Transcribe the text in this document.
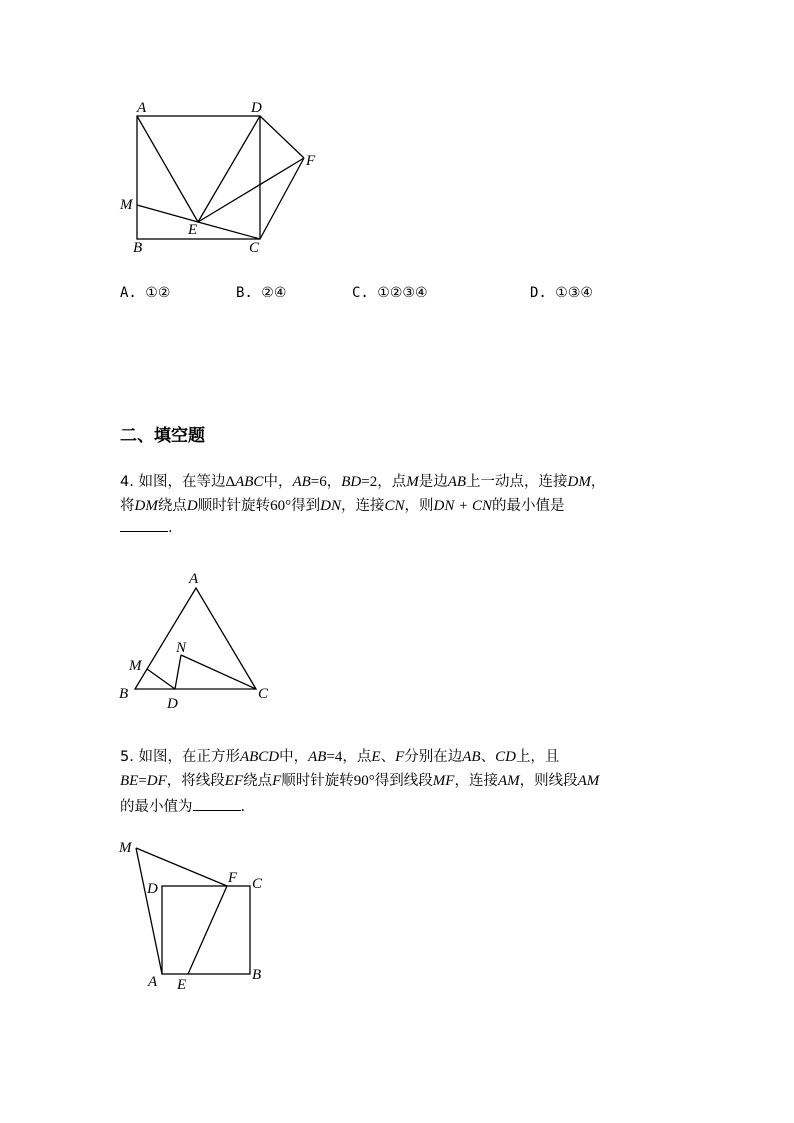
A	D
F
M
E
B	C
A. ①②	B. ②④	C. ①②③④	D. ①③④
二、填空题
4. 如图，在等边ΔABC中，AB=6，BD=2，点M是边AB上一动点，连接DM，
将DM绕点D顺时针旋转60°得到DN，连接CN，则DN + CN的最小值是
.
A
N
M
B
D
C
5. 如图，在正方形ABCD中，AB=4，点E、F分别在边AB、CD上，且
BE=DF，将线段EF绕点F顺时针旋转90°得到线段MF，连接AM，则线段AM
的最小值为	.
M
D
F C
A E
B
